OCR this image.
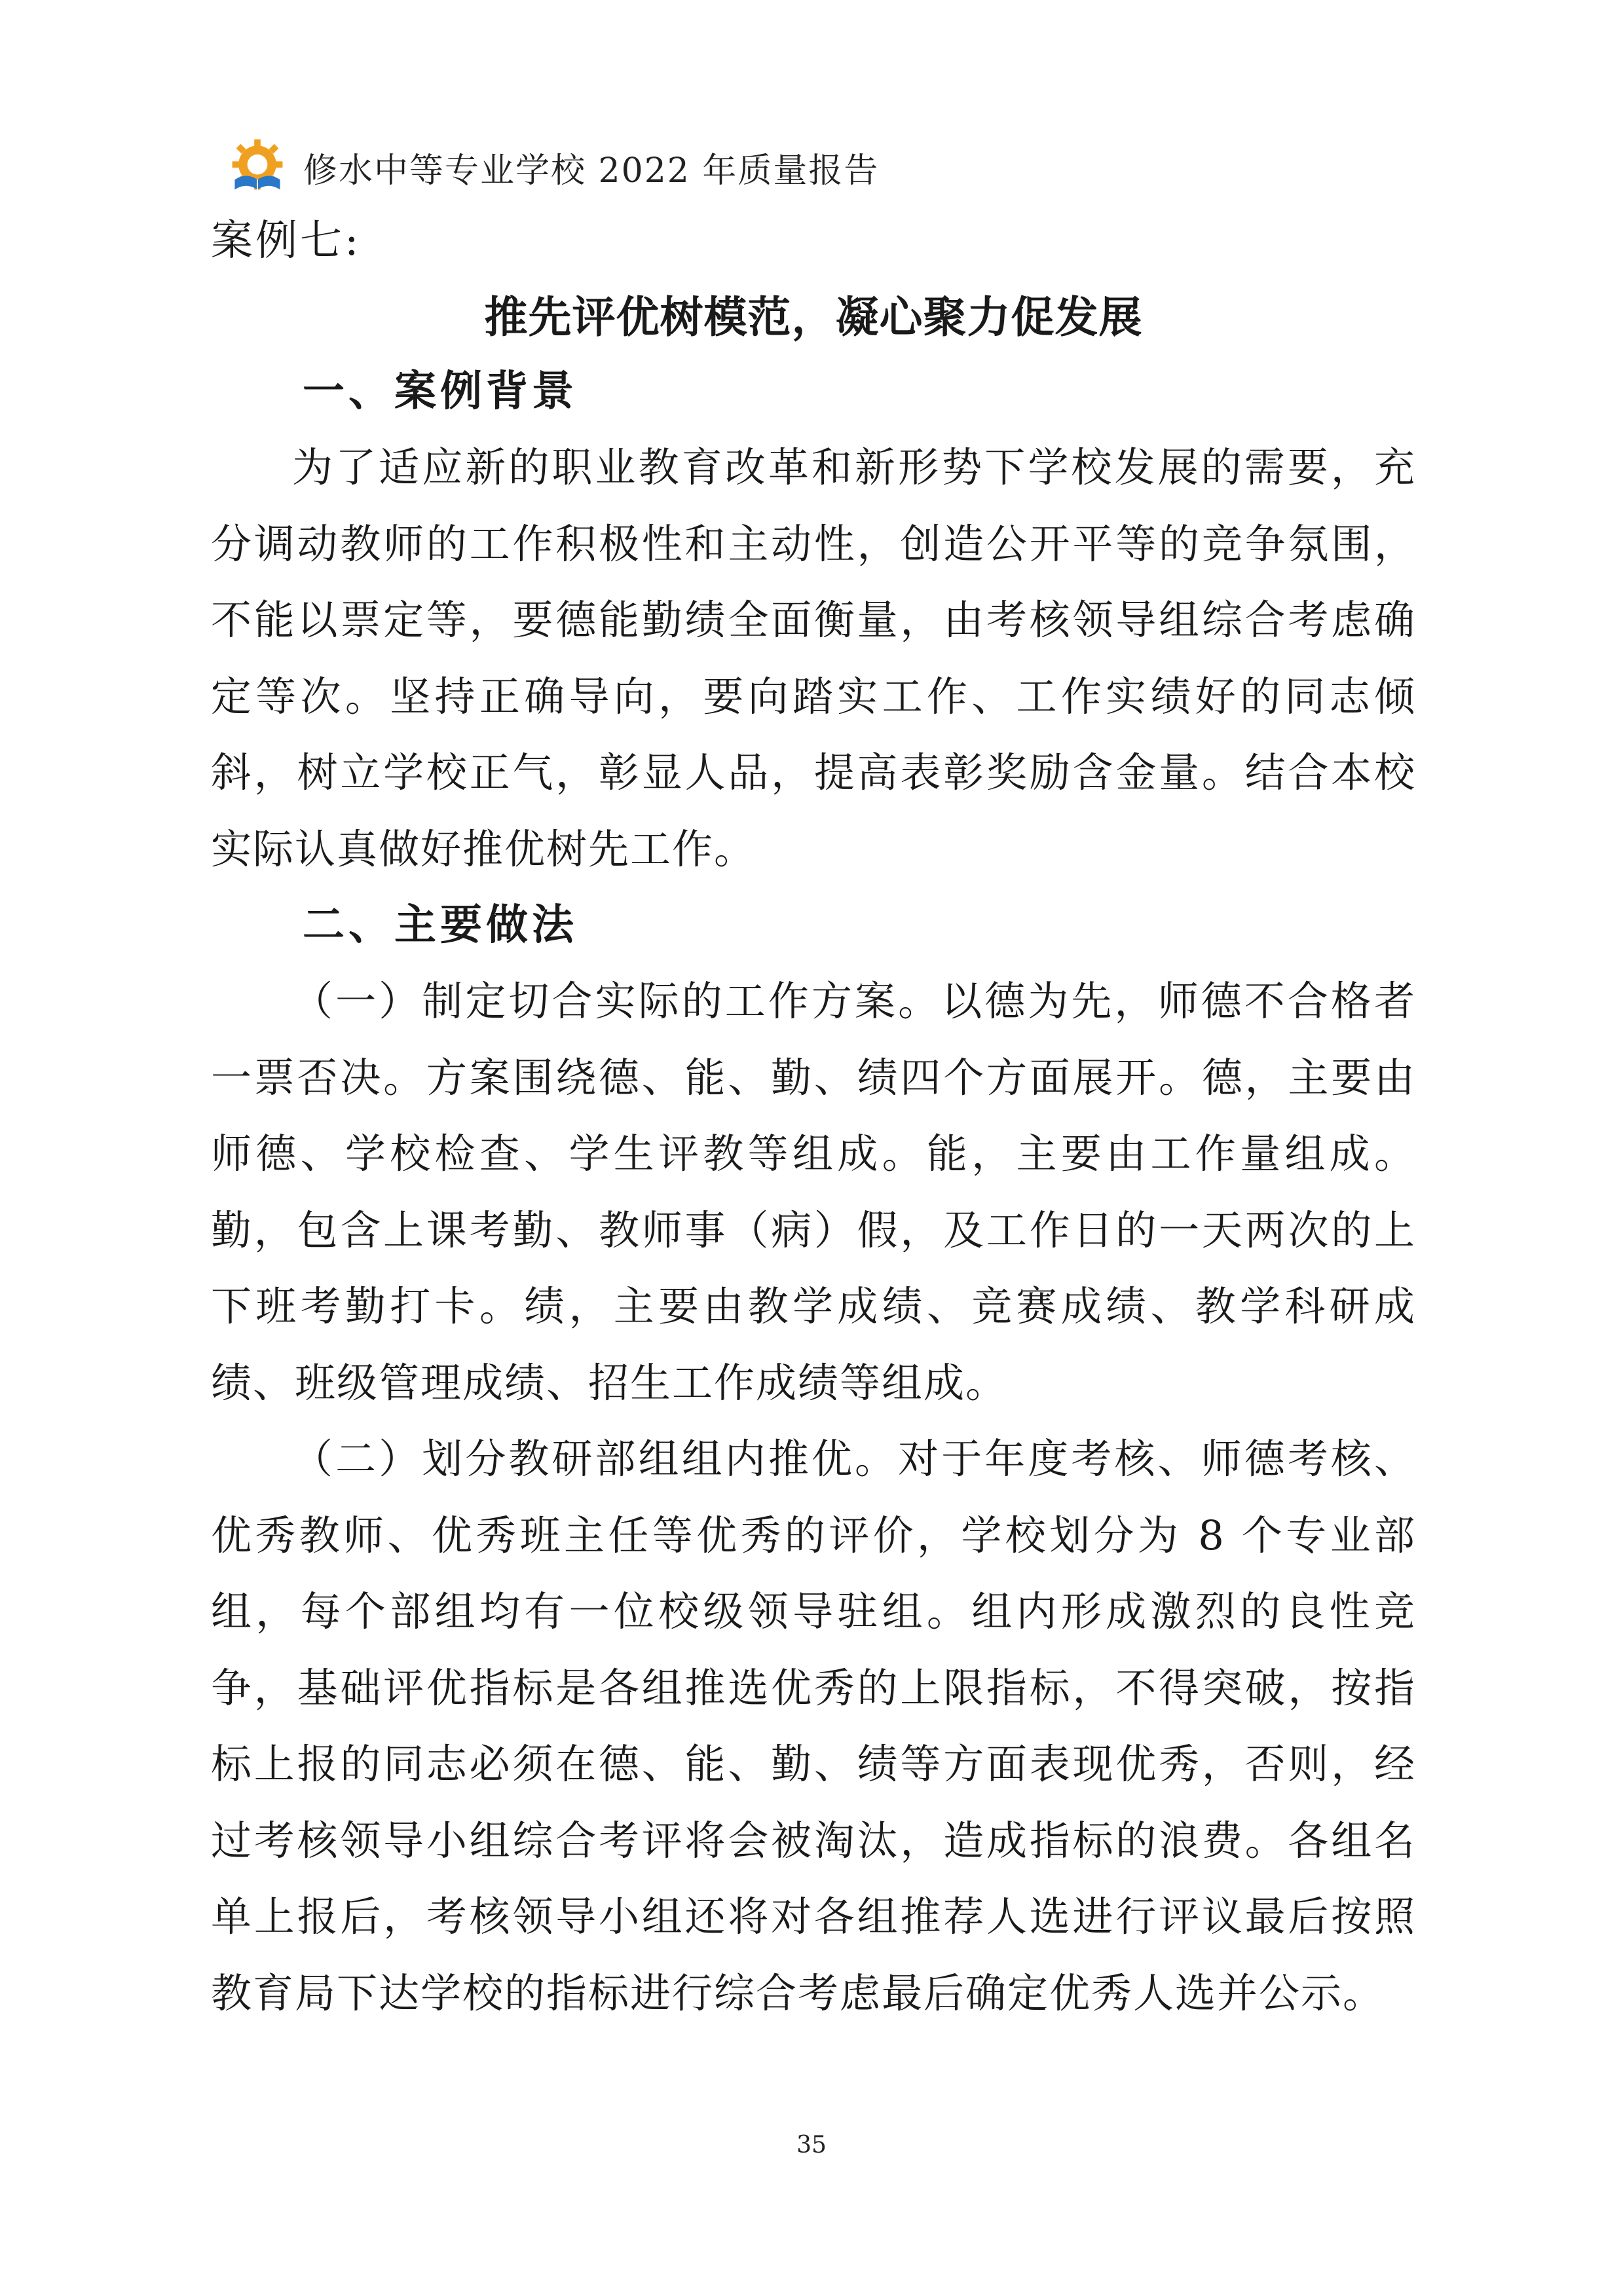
修水中等专业学校 2022 年质量报告
案例七:
推先评优树模范，凝心聚力促发展
一、案例背景

为了适应新的职业教育改革和新形势下学校发展的需要，充分调动教师的工作积极性和主动性，创造公开平等的竞争氛围，不能以票定等，要德能勤绩全面衡量，由考核领导组综合考虑确定等次。坚持正确导向，要向踏实工作、工作实绩好的同志倾斜，树立学校正气，彰显人品，提高表彰奖励含金量。结合本校实际认真做好推优树先工作。

二、主要做法

（一）制定切合实际的工作方案。以德为先，师德不合格者一票否决。方案围绕德、能、勤、绩四个方面展开。德，主要由师德、学校检查、学生评教等组成。能，主要由工作量组成。勤，包含上课考勤、教师事（病）假，及工作日的一天两次的上下班考勤打卡。绩，主要由教学成绩、竞赛成绩、教学科研成绩、班级管理成绩、招生工作成绩等组成。

（二）划分教研部组组内推优。对于年度考核、师德考核、优秀教师、优秀班主任等优秀的评价，学校划分为 8 个专业部组，每个部组均有一位校级领导驻组。组内形成激烈的良性竞争，基础评优指标是各组推选优秀的上限指标，不得突破，按指标上报的同志必须在德、能、勤、绩等方面表现优秀，否则，经过考核领导小组综合考评将会被淘汰，造成指标的浪费。各组名单上报后，考核领导小组还将对各组推荐人选进行评议最后按照教育局下达学校的指标进行综合考虑最后确定优秀人选并公示。

35
